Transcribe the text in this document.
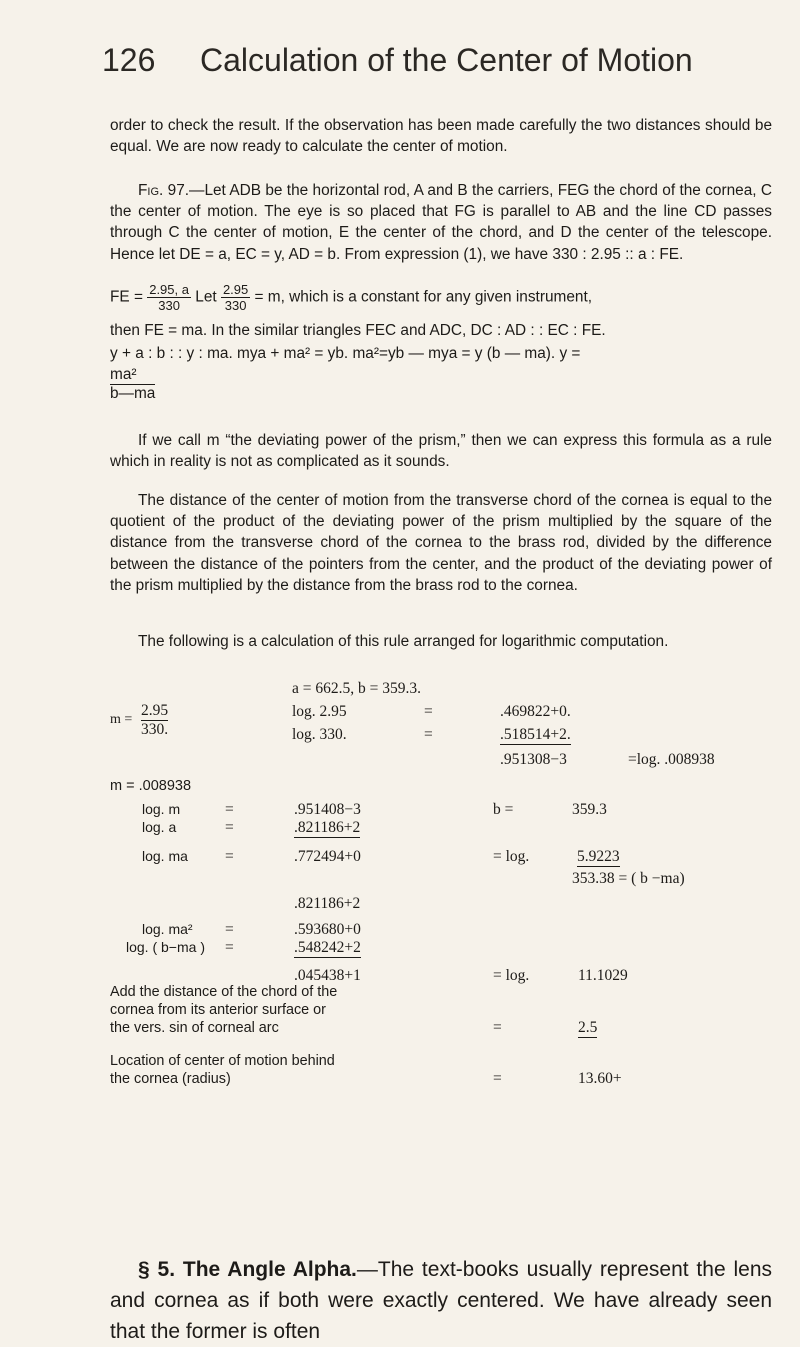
126 Calculation of the Center of Motion

order to check the result. If the observation has been made carefully the two distances should be equal. We are now ready to calculate the center of motion.

Fig. 97.—Let ADB be the horizontal rod, A and B the carriers, FEG the chord of the cornea, C the center of motion. The eye is so placed that FG is parallel to AB and the line CD passes through C the center of motion, E the center of the chord, and D the center of the telescope. Hence let DE = a, EC = y, AD = b. From expression (1), we have 330 : 2.95 :: a : FE.

FE = $\frac{2.95, a}{330}$ Let $\frac{2.95}{330} = m$, which is a constant for any given instrument,
then FE = ma. In the similar triangles FEC and ADC, DC : AD : : EC : FE.
y + a : b : : y : ma. mya + ma² = yb. ma²=yb — mya = y (b — ma). y =
$\frac{\text{ma²}}{b—ma}$

If we call m “the deviating power of the prism,” then we can express this formula as a rule which in reality is not as complicated as it sounds.

The distance of the center of motion from the transverse chord of the cornea is equal to the quotient of the product of the deviating power of the prism multiplied by the square of the distance from the transverse chord of the cornea to the brass rod, divided by the difference between the distance of the pointers from the center, and the product of the deviating power of the prism multiplied by the distance from the brass rod to the cornea.

The following is a calculation of this rule arranged for logarithmic computation.

a = 662.5, b = 359.3.
m =
2.95
330.
log. 2.95	=	.469822+0.
log. 330.	=	.518514+2.
.951308−3	=log. .008938
m = .008938
log. m	=	.951408−3	b =	359.3
log. a	=	.821186+2
log. ma =	.772494+0	= log.	5.9223
353.38 = ( b −ma)
.821186+2
log. ma² =	.593680+0
log. ( b−ma ) =	.548242+2
.045438+1	= log.	11.1029
Add the distance of the chord of the
cornea from its anterior surface or
the vers. sin of corneal arc	=	2.5
Location of center of motion behind
the cornea (radius)	=	13.60+

§ 5. The Angle Alpha.—The text-books usually represent the lens and cornea as if both were exactly centered. We have already seen that the former is often
